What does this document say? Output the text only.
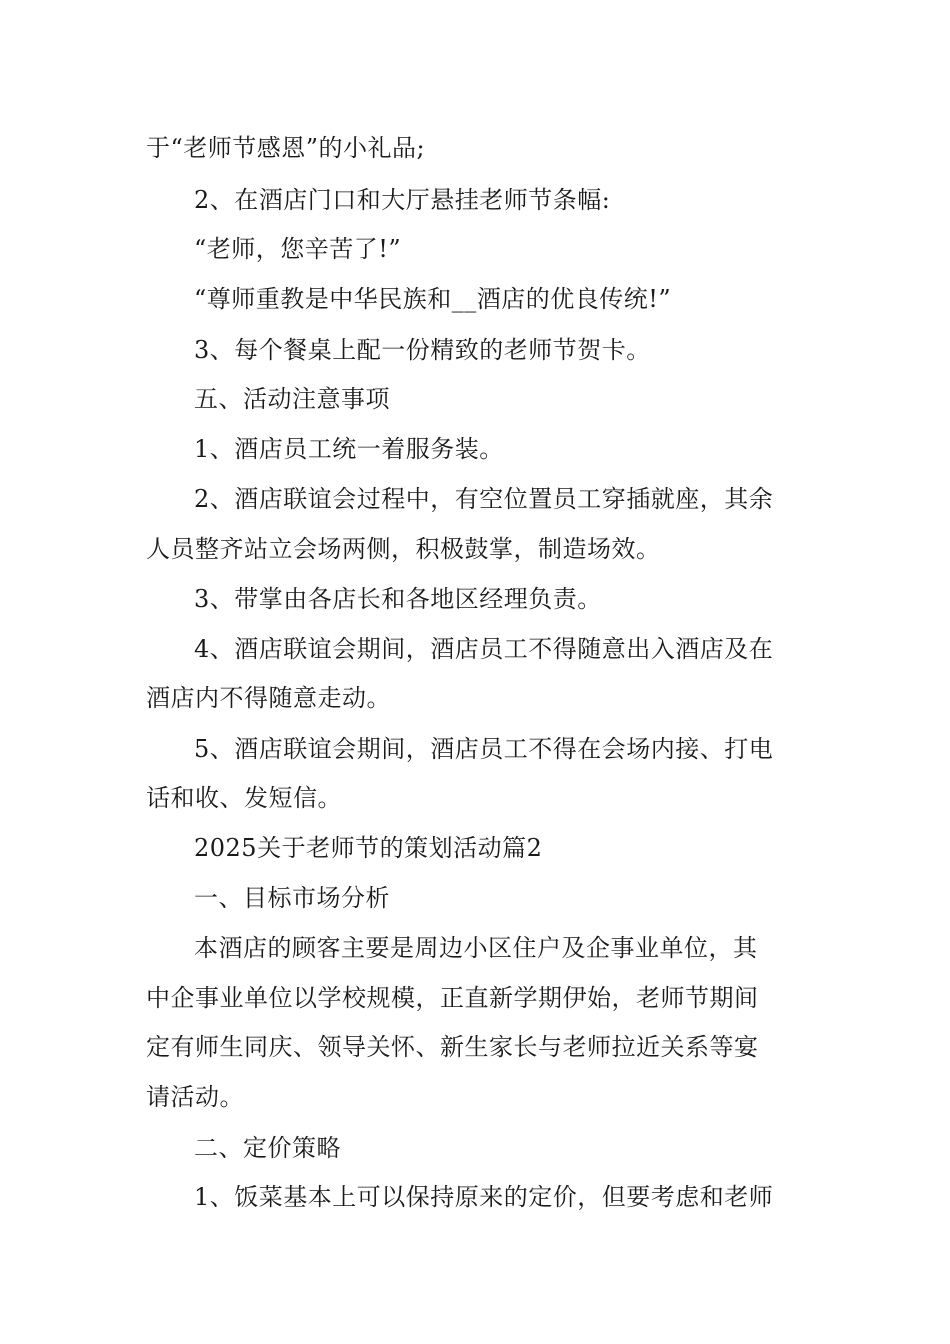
于“老师节感恩”的小礼品;
2、在酒店门口和大厅悬挂老师节条幅:
“老师，您辛苦了!”
“尊师重教是中华民族和__酒店的优良传统!”
3、每个餐桌上配一份精致的老师节贺卡。
五、活动注意事项
1、酒店员工统一着服务装。
2、酒店联谊会过程中，有空位置员工穿插就座，其余
人员整齐站立会场两侧，积极鼓掌，制造场效。
3、带掌由各店长和各地区经理负责。
4、酒店联谊会期间，酒店员工不得随意出入酒店及在
酒店内不得随意走动。
5、酒店联谊会期间，酒店员工不得在会场内接、打电
话和收、发短信。
2025关于老师节的策划活动篇2
一、目标市场分析
本酒店的顾客主要是周边小区住户及企事业单位，其
中企事业单位以学校规模，正直新学期伊始，老师节期间
定有师生同庆、领导关怀、新生家长与老师拉近关系等宴
请活动。
二、定价策略
1、饭菜基本上可以保持原来的定价，但要考虑和老师
